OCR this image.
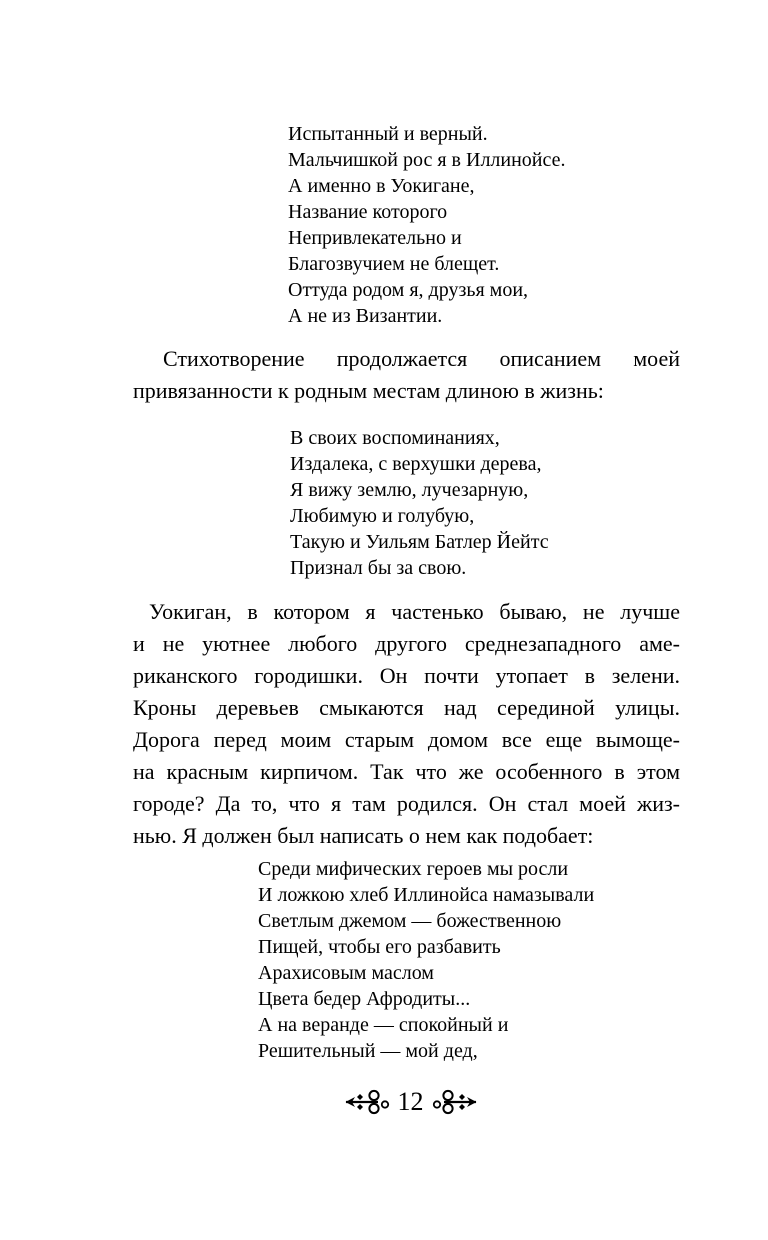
Испытанный и верный.
Мальчишкой рос я в Иллинойсе.
А именно в Уокигане,
Название которого
Непривлекательно и
Благозвучием не блещет.
Оттуда родом я, друзья мои,
А не из Византии.
Стихотворение продолжается описанием моей
привязанности к родным местам длиною в жизнь:
В своих воспоминаниях,
Издалека, с верхушки дерева,
Я вижу землю, лучезарную,
Любимую и голубую,
Такую и Уильям Батлер Йейтс
Признал бы за свою.
Уокиган, в котором я частенько бываю, не лучше
и не уютнее любого другого среднезападного аме-
риканского городишки. Он почти утопает в зелени.
Кроны деревьев смыкаются над серединой улицы.
Дорога перед моим старым домом все еще вымоще-
на красным кирпичом. Так что же особенного в этом
городе? Да то, что я там родился. Он стал моей жиз-
нью. Я должен был написать о нем как подобает:
Среди мифических героев мы росли
И ложкою хлеб Иллинойса намазывали
Светлым джемом — божественною
Пищей, чтобы его разбавить
Арахисовым маслом
Цвета бедер Афродиты...
А на веранде — спокойный и
Решительный — мой дед,
12
